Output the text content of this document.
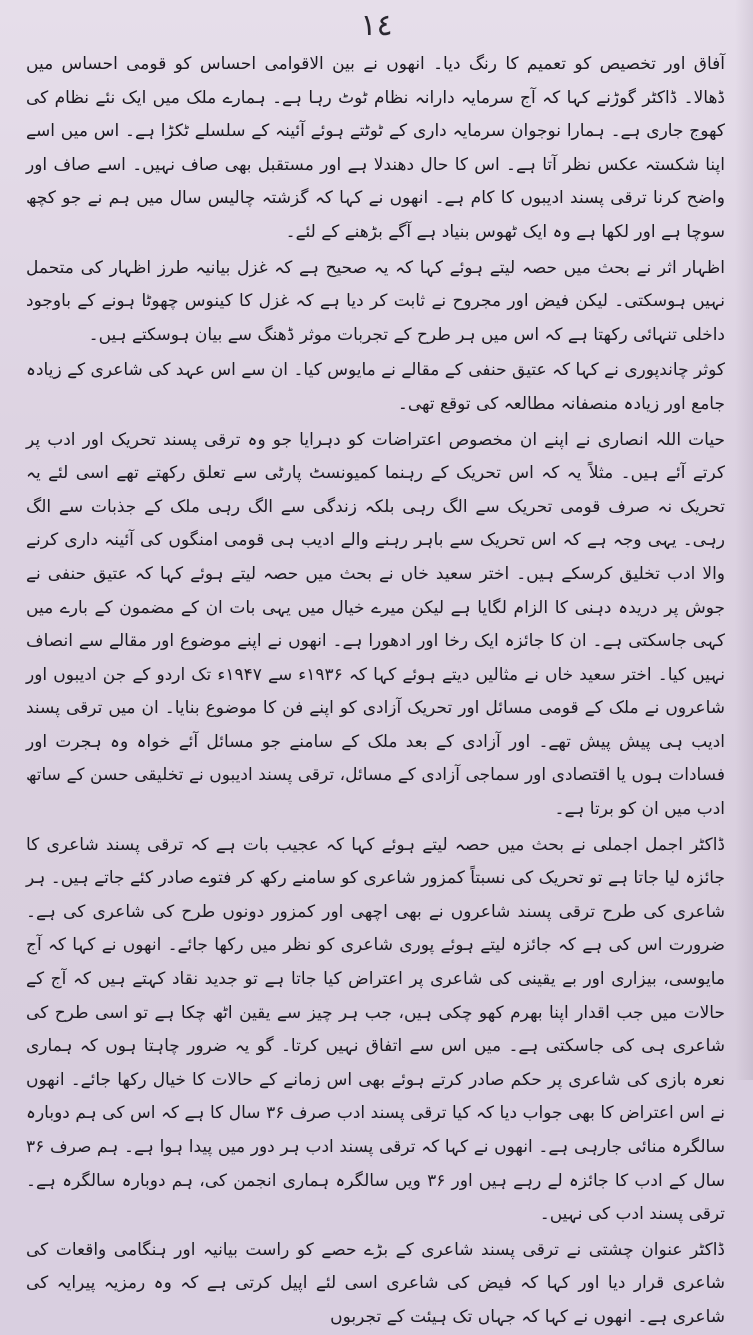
١٤

آفاق اور تخصیص کو تعمیم کا رنگ دیا۔ انھوں نے بین الاقوامی احساس کو قومی احساس میں ڈھالا۔ ڈاکٹر گوڑنے کہا کہ آج سرمایہ دارانہ نظام ٹوٹ رہا ہے۔ ہمارے ملک میں ایک نئے نظام کی کھوج جاری ہے۔ ہمارا نوجوان سرمایہ داری کے ٹوٹتے ہوئے آئینہ کے سلسلے ٹکڑا ہے۔ اس میں اسے اپنا شکستہ عکس نظر آتا ہے۔ اس کا حال دھندلا ہے اور مستقبل بھی صاف نہیں۔ اسے صاف اور واضح کرنا ترقی پسند ادیبوں کا کام ہے۔ انھوں نے کہا کہ گزشتہ چالیس سال میں ہم نے جو کچھ سوچا ہے اور لکھا ہے وہ ایک ٹھوس بنیاد ہے آگے بڑھنے کے لئے۔

اظہار اثر نے بحث میں حصہ لیتے ہوئے کہا کہ یہ صحیح ہے کہ غزل بیانیہ طرز اظہار کی متحمل نہیں ہوسکتی۔ لیکن فیض اور مجروح نے ثابت کر دیا ہے کہ غزل کا کینوس چھوٹا ہونے کے باوجود داخلی تنہائی رکھتا ہے کہ اس میں ہر طرح کے تجربات موثر ڈھنگ سے بیان ہوسکتے ہیں۔

کوثر چاندپوری نے کہا کہ عتیق حنفی کے مقالے نے مایوس کیا۔ ان سے اس عہد کی شاعری کے زیادہ جامع اور زیادہ منصفانہ مطالعہ کی توقع تھی۔

حیات اللہ انصاری نے اپنے ان مخصوص اعتراضات کو دہرایا جو وہ ترقی پسند تحریک اور ادب پر کرتے آئے ہیں۔ مثلاً یہ کہ اس تحریک کے رہنما کمیونسٹ پارٹی سے تعلق رکھتے تھے اسی لئے یہ تحریک نہ صرف قومی تحریک سے الگ رہی بلکہ زندگی سے الگ رہی ملک کے جذبات سے الگ رہی۔ یہی وجہ ہے کہ اس تحریک سے باہر رہنے والے ادیب ہی قومی امنگوں کی آئینہ داری کرنے والا ادب تخلیق کرسکے ہیں۔ اختر سعید خاں نے بحث میں حصہ لیتے ہوئے کہا کہ عتیق حنفی نے جوش پر دریدہ دہنی کا الزام لگایا ہے لیکن میرے خیال میں یہی بات ان کے مضمون کے بارے میں کہی جاسکتی ہے۔ ان کا جائزہ ایک رخا اور ادھورا ہے۔ انھوں نے اپنے موضوع اور مقالے سے انصاف نہیں کیا۔ اختر سعید خاں نے مثالیں دیتے ہوئے کہا کہ ۱۹۳۶ء سے ۱۹۴۷ء تک اردو کے جن ادیبوں اور شاعروں نے ملک کے قومی مسائل اور تحریک آزادی کو اپنے فن کا موضوع بنایا۔ ان میں ترقی پسند ادیب ہی پیش پیش تھے۔ اور آزادی کے بعد ملک کے سامنے جو مسائل آئے خواہ وہ ہجرت اور فسادات ہوں یا اقتصادی اور سماجی آزادی کے مسائل، ترقی پسند ادیبوں نے تخلیقی حسن کے ساتھ ادب میں ان کو برتا ہے۔

ڈاکٹر اجمل اجملی نے بحث میں حصہ لیتے ہوئے کہا کہ عجیب بات ہے کہ ترقی پسند شاعری کا جائزہ لیا جاتا ہے تو تحریک کی نسبتاً کمزور شاعری کو سامنے رکھ کر فتوے صادر کئے جاتے ہیں۔ ہر شاعری کی طرح ترقی پسند شاعروں نے بھی اچھی اور کمزور دونوں طرح کی شاعری کی ہے۔ ضرورت اس کی ہے کہ جائزہ لیتے ہوئے پوری شاعری کو نظر میں رکھا جائے۔ انھوں نے کہا کہ آج مایوسی، بیزاری اور بے یقینی کی شاعری پر اعتراض کیا جاتا ہے تو جدید نقاد کہتے ہیں کہ آج کے حالات میں جب اقدار اپنا بھرم کھو چکی ہیں، جب ہر چیز سے یقین اٹھ چکا ہے تو اسی طرح کی شاعری ہی کی جاسکتی ہے۔ میں اس سے اتفاق نہیں کرتا۔ گو یہ ضرور چاہتا ہوں کہ ہماری نعرہ بازی کی شاعری پر حکم صادر کرتے ہوئے بھی اس زمانے کے حالات کا خیال رکھا جائے۔ انھوں نے اس اعتراض کا بھی جواب دیا کہ کیا ترقی پسند ادب صرف ۳۶ سال کا ہے کہ اس کی ہم دوبارہ سالگرہ منائی جارہی ہے۔ انھوں نے کہا کہ ترقی پسند ادب ہر دور میں پیدا ہوا ہے۔ ہم صرف ۳۶ سال کے ادب کا جائزہ لے رہے ہیں اور ۳۶ ویں سالگرہ ہماری انجمن کی، ہم دوبارہ سالگرہ ہے۔ ترقی پسند ادب کی نہیں۔

ڈاکٹر عنوان چشتی نے ترقی پسند شاعری کے بڑے حصے کو راست بیانیہ اور ہنگامی واقعات کی شاعری قرار دیا اور کہا کہ فیض کی شاعری اسی لئے اپیل کرتی ہے کہ وہ رمزیہ پیرایہ کی شاعری ہے۔ انھوں نے کہا کہ جہاں تک ہیئت کے تجربوں
